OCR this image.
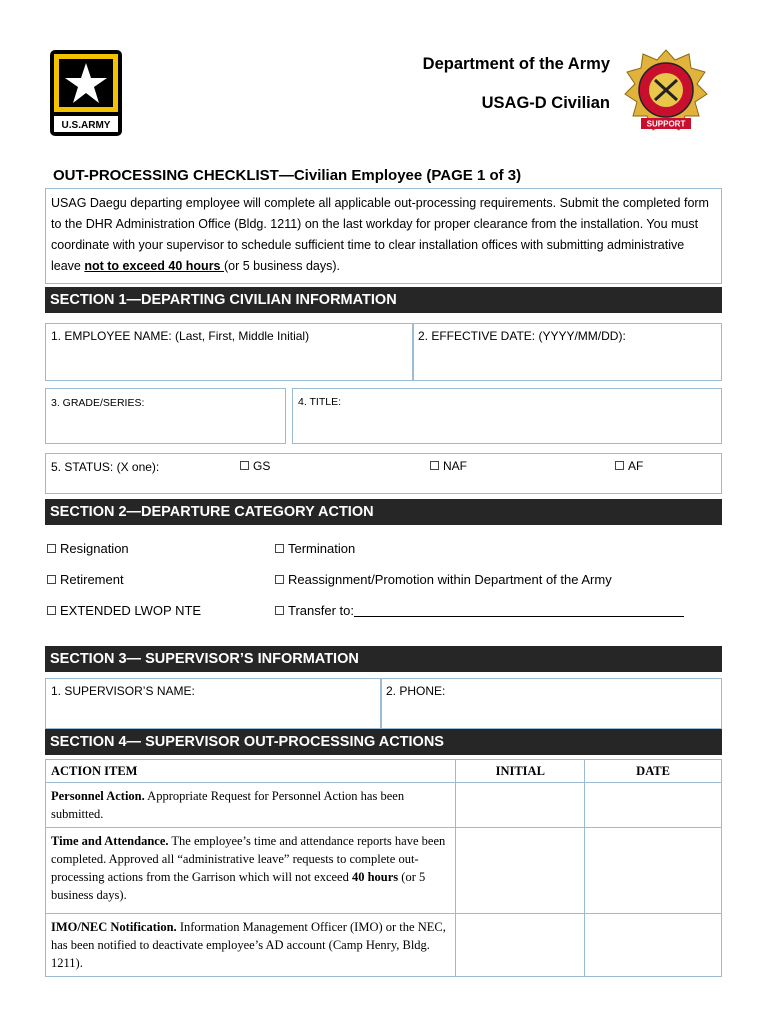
U.S.ARMY
Department of the Army
USAG-D Civilian
SUPPORT
OUT-PROCESSING CHECKLIST—Civilian Employee (PAGE 1 of 3)
USAG Daegu departing employee will complete all applicable out-processing requirements. Submit the completed form to the DHR Administration Office (Bldg. 1211) on the last workday for proper clearance from the installation. You must coordinate with your supervisor to schedule sufficient time to clear installation offices with submitting administrative leave not to exceed 40 hours (or 5 business days).
SECTION 1—DEPARTING CIVILIAN INFORMATION
1. EMPLOYEE NAME: (Last, First, Middle Initial)	2. EFFECTIVE DATE: (YYYY/MM/DD):
3. GRADE/SERIES:	4. TITLE:
5. STATUS: (X one):	GS	NAF	AF
SECTION 2—DEPARTURE CATEGORY ACTION
Resignation	Termination
Retirement	Reassignment/Promotion within Department of the Army
EXTENDED LWOP NTE	Transfer to:
SECTION 3— SUPERVISOR’S INFORMATION
1. SUPERVISOR’S NAME:	2. PHONE:
SECTION 4— SUPERVISOR OUT-PROCESSING ACTIONS
ACTION ITEM	INITIAL	DATE
Personnel Action. Appropriate Request for Personnel Action has been submitted.		
Time and Attendance. The employee’s time and attendance reports have been completed. Approved all “administrative leave” requests to complete out-processing actions from the Garrison which will not exceed 40 hours (or 5 business days).		
IMO/NEC Notification. Information Management Officer (IMO) or the NEC, has been notified to deactivate employee’s AD account (Camp Henry, Bldg. 1211).		
